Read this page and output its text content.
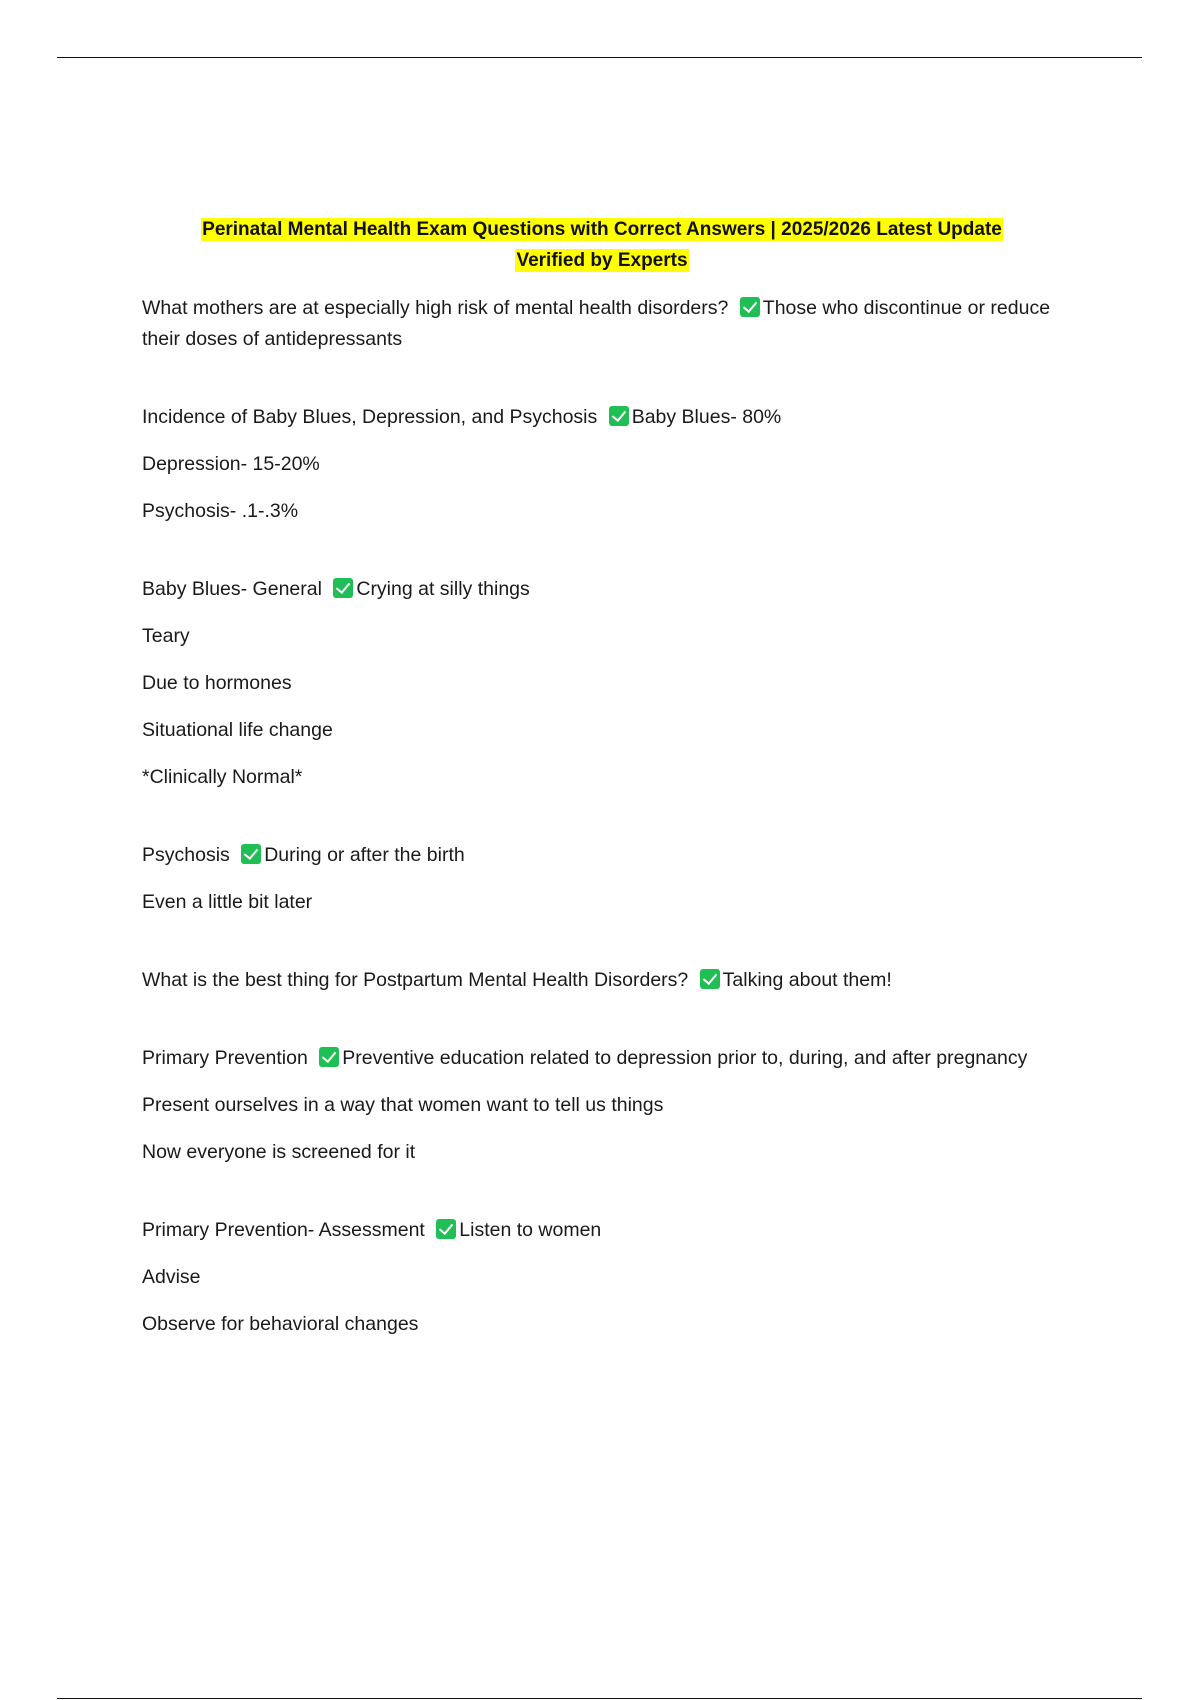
Perinatal Mental Health Exam Questions with Correct Answers | 2025/2026 Latest Update
Verified by Experts
What mothers are at especially high risk of mental health disorders? Those who discontinue or reduce their doses of antidepressants
Incidence of Baby Blues, Depression, and Psychosis Baby Blues- 80%
Depression- 15-20%
Psychosis- .1-.3%
Baby Blues- General Crying at silly things
Teary
Due to hormones
Situational life change
*Clinically Normal*
Psychosis During or after the birth
Even a little bit later
What is the best thing for Postpartum Mental Health Disorders? Talking about them!
Primary Prevention Preventive education related to depression prior to, during, and after pregnancy
Present ourselves in a way that women want to tell us things
Now everyone is screened for it
Primary Prevention- Assessment Listen to women
Advise
Observe for behavioral changes
